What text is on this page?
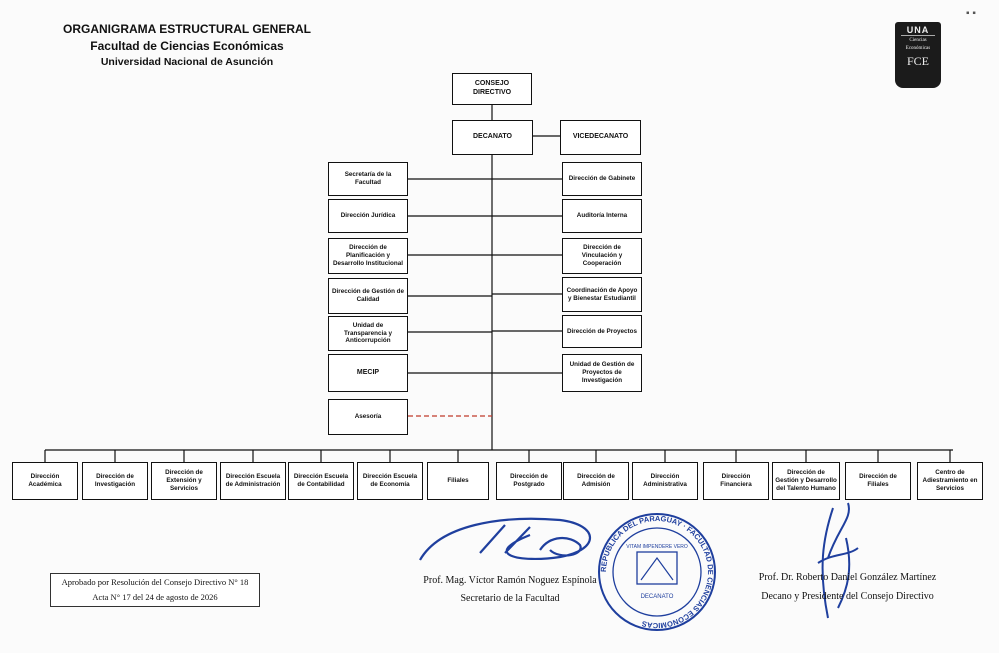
ORGANIGRAMA ESTRUCTURAL GENERAL
Facultad de Ciencias Económicas
Universidad Nacional de Asunción
UNA
Ciencias
Económicas
FCE
▪ ▪
CONSEJO DIRECTIVO
DECANATO	VICEDECANATO
Secretaría de la Facultad
Dirección Jurídica
Dirección de Planificación y Desarrollo Institucional
Dirección de Gestión de Calidad
Unidad de Transparencia y Anticorrupción
MECIP
Asesoría
Dirección de Gabinete
Auditoría Interna
Dirección de Vinculación y Cooperación
Coordinación de Apoyo y Bienestar Estudiantil
Dirección de Proyectos
Unidad de Gestión de Proyectos de Investigación
Dirección Académica
Dirección de Investigación
Dirección de Extensión y Servicios
Dirección Escuela de Administración
Dirección Escuela de Contabilidad
Dirección Escuela de Economía
Filiales
Dirección de Postgrado
Dirección de Admisión
Dirección Administrativa
Dirección Financiera
Dirección de Gestión y Desarrollo del Talento Humano
Dirección de Filiales
Centro de Adiestramiento en Servicios
Aprobado por Resolución del Consejo Directivo N° 18
Acta N° 17 del 24 de agosto de 2026
REPÚBLICA DEL PARAGUAY · FACULTAD DE CIENCIAS ECONÓMICAS
VITAM IMPENDERE VERO
DECANATO
Prof. Mag. Víctor Ramón Noguez Espínola
Secretario de la Facultad
Prof. Dr. Roberto Daniel González Martínez
Decano y Presidente del Consejo Directivo
